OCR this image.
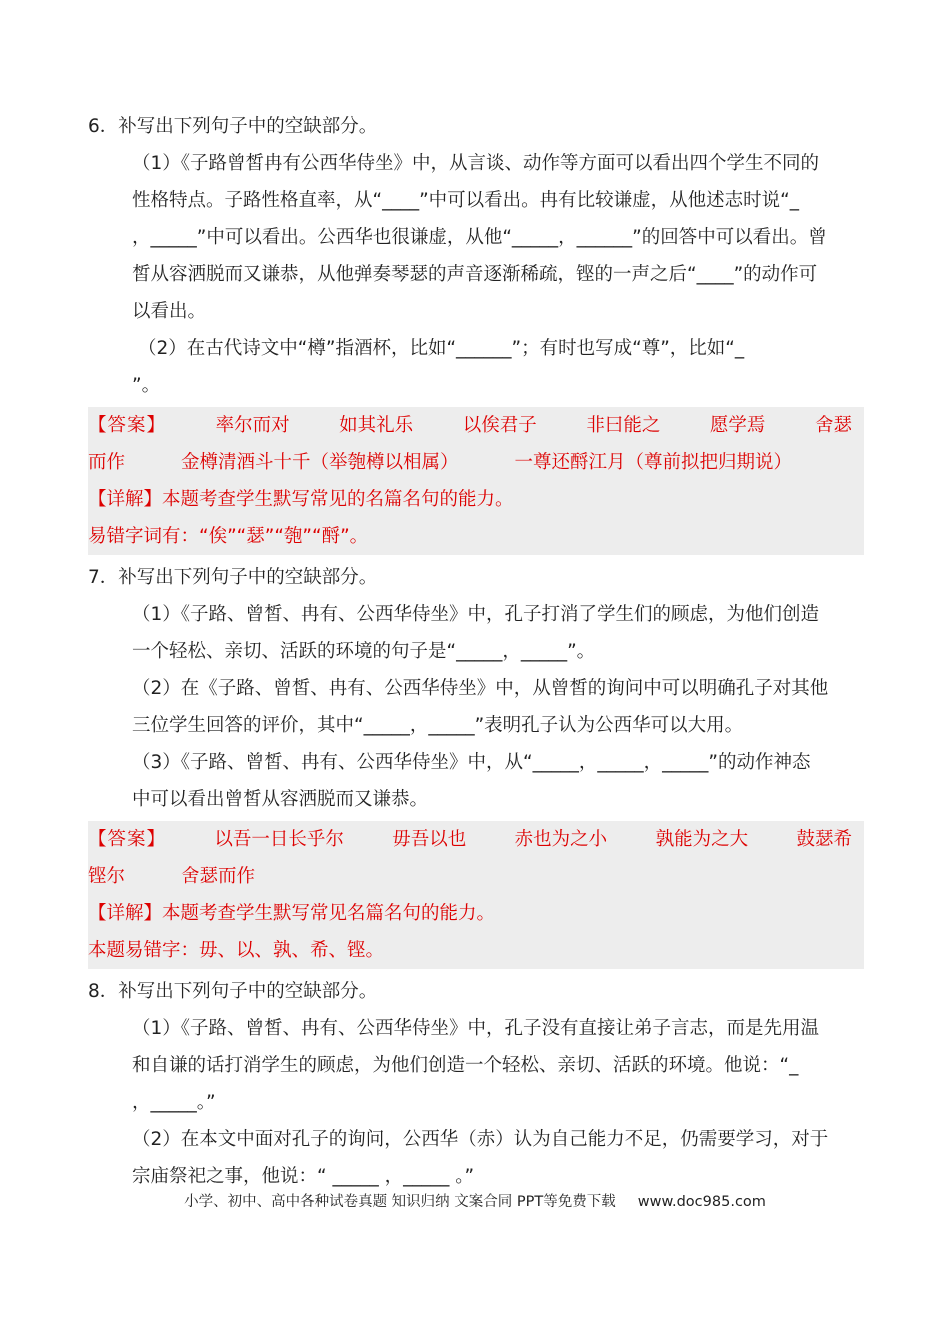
6．补写出下列句子中的空缺部分。
（1）《子路曾皙冉有公西华侍坐》中，从言谈、动作等方面可以看出四个学生不同的
性格特点。子路性格直率，从“____”中可以看出。冉有比较谦虚，从他述志时说“_
，_____”中可以看出。公西华也很谦虚，从他“_____，______”的回答中可以看出。曾
皙从容洒脱而又谦恭，从他弹奏琴瑟的声音逐渐稀疏，铿的一声之后“____”的动作可
以看出。
（2）在古代诗文中“樽”指酒杯，比如“______”；有时也写成“尊”，比如“_
”。
【答案】	率尔而对	如其礼乐	以俟君子	非曰能之	愿学焉	舍瑟
而作	金樽清酒斗十千（举匏樽以相属）	一尊还酹江月（尊前拟把归期说）
【详解】本题考查学生默写常见的名篇名句的能力。
易错字词有：“俟”“瑟”“匏”“酹”。
7．补写出下列句子中的空缺部分。
（1）《子路、曾皙、冉有、公西华侍坐》中，孔子打消了学生们的顾虑，为他们创造
一个轻松、亲切、活跃的环境的句子是“_____，_____”。
（2）在《子路、曾皙、冉有、公西华侍坐》中，从曾皙的询问中可以明确孔子对其他
三位学生回答的评价，其中“_____，_____”表明孔子认为公西华可以大用。
（3）《子路、曾皙、冉有、公西华侍坐》中，从“_____，_____，_____”的动作神态
中可以看出曾皙从容洒脱而又谦恭。
【答案】	以吾一日长乎尔	毋吾以也	赤也为之小	孰能为之大	鼓瑟希
铿尔	舍瑟而作
【详解】本题考查学生默写常见名篇名句的能力。
本题易错字：毋、以、孰、希、铿。
8．补写出下列句子中的空缺部分。
（1）《子路、曾皙、冉有、公西华侍坐》中，孔子没有直接让弟子言志，而是先用温
和自谦的话打消学生的顾虑，为他们创造一个轻松、亲切、活跃的环境。他说：“_
，_____。”
（2）在本文中面对孔子的询问，公西华（赤）认为自己能力不足，仍需要学习，对于
宗庙祭祀之事，他说：“ _____ ，_____ 。”
小学、初中、高中各种试卷真题 知识归纳 文案合同 PPT等免费下载 www.doc985.com
